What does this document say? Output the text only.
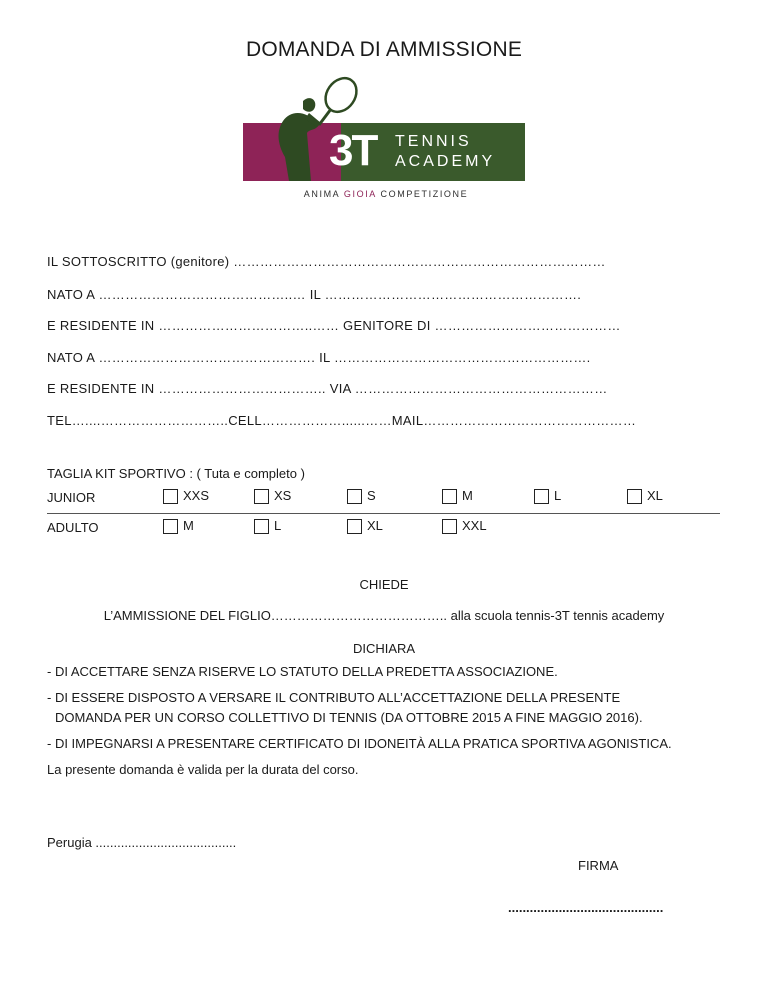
DOMANDA DI AMMISSIONE
3T TENNIS
ACADEMY
ANIMA GIOIA COMPETIZIONE
IL SOTTOSCRITTO (genitore) …………………………………………………………………………
NATO A ……………………………………..… IL ………………………………………………….
E RESIDENTE IN ……………………………..…… GENITORE DI ……………………………………
NATO A …………………………………………. IL ………………………………………………….
E RESIDENTE IN ……………………………….. VIA …………………………………………………
TEL…....………………………..CELL………………......……MAIL…………………………………………
TAGLIA KIT SPORTIVO : ( Tuta e completo )
JUNIOR	XXS	XS	S	M	L	XL
ADULTO	M	L	XL	XXL
CHIEDE
L’AMMISSIONE DEL FIGLIO………………………………….. alla scuola tennis-3T tennis academy
DICHIARA
- DI ACCETTARE SENZA RISERVE LO STATUTO DELLA PREDETTA ASSOCIAZIONE.
- DI ESSERE DISPOSTO A VERSARE IL CONTRIBUTO ALL’ACCETTAZIONE DELLA PRESENTE
DOMANDA PER UN CORSO COLLETTIVO DI TENNIS (DA OTTOBRE 2015 A FINE MAGGIO 2016).
- DI IMPEGNARSI A PRESENTARE CERTIFICATO DI IDONEITÀ ALLA PRATICA SPORTIVA AGONISTICA.
La presente domanda è valida per la durata del corso.
Perugia .......................................
FIRMA
...........................................
